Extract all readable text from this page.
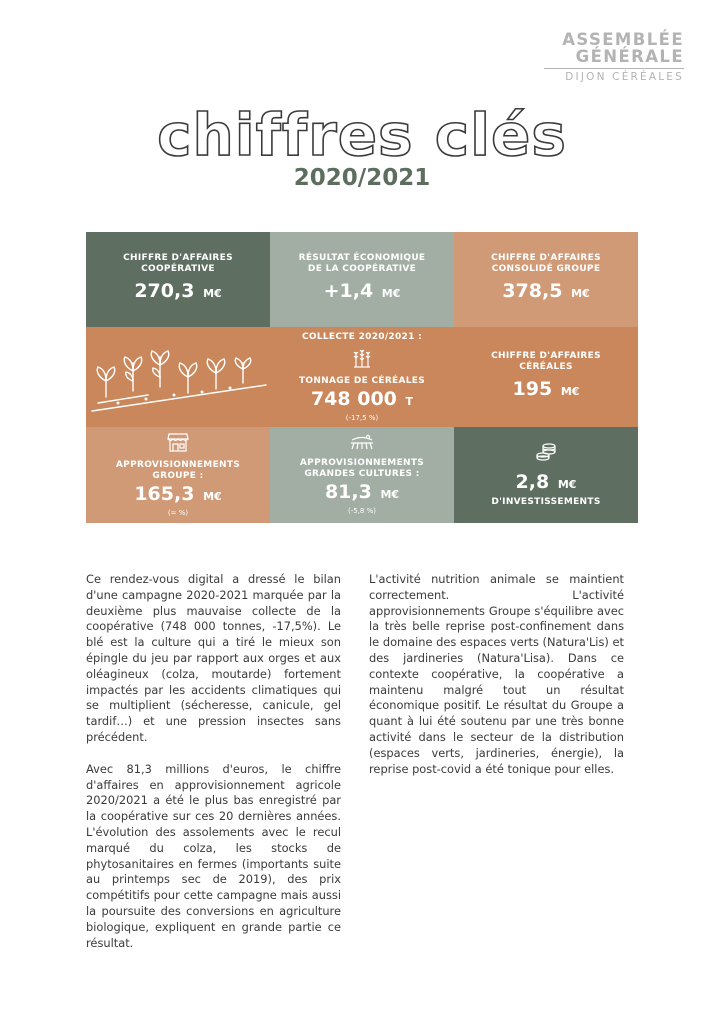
ASSEMBLÉE
GÉNÉRALE
DIJON CÉRÉALES
chiffres clés
2020/2021
CHIFFRE D'AFFAIRES
COOPÉRATIVE
270,3 M€
RÉSULTAT ÉCONOMIQUE
DE LA COOPÉRATIVE
+1,4 M€
CHIFFRE D'AFFAIRES
CONSOLIDÉ GROUPE
378,5 M€
COLLECTE 2020/2021 :
TONNAGE DE CÉRÉALES
748 000 T
(-17,5 %)
CHIFFRE D'AFFAIRES
CÉRÉALES
195 M€
APPROVISIONNEMENTS
GROUPE :
165,3 M€
(= %)
APPROVISIONNEMENTS
GRANDES CULTURES :
81,3 M€
(-5,8 %)
2,8 M€
D'INVESTISSEMENTS

Ce rendez-vous digital a dressé le bilan d'une campagne 2020-2021 marquée par la deuxième plus mauvaise collecte de la coopérative (748 000 tonnes, -17,5%). Le blé est la culture qui a tiré le mieux son épingle du jeu par rapport aux orges et aux oléagineux (colza, moutarde) fortement impactés par les accidents climatiques qui se multiplient (sécheresse, canicule, gel tardif…) et une pression insectes sans précédent.

Avec 81,3 millions d'euros, le chiffre d'affaires en approvisionnement agricole 2020/2021 a été le plus bas enregistré par la coopérative sur ces 20 dernières années. L'évolution des assolements avec le recul marqué du colza, les stocks de phytosanitaires en fermes (importants suite au printemps sec de 2019), des prix compétitifs pour cette campagne mais aussi la poursuite des conversions en agriculture biologique, expliquent en grande partie ce résultat.

L'activité nutrition animale se maintient correctement. L'activité approvisionnements Groupe s'équilibre avec la très belle reprise post-confinement dans le domaine des espaces verts (Natura'Lis) et des jardineries (Natura'Lisa). Dans ce contexte coopérative, la coopérative a maintenu malgré tout un résultat économique positif. Le résultat du Groupe a quant à lui été soutenu par une très bonne activité dans le secteur de la distribution (espaces verts, jardineries, énergie), la reprise post-covid a été tonique pour elles.
